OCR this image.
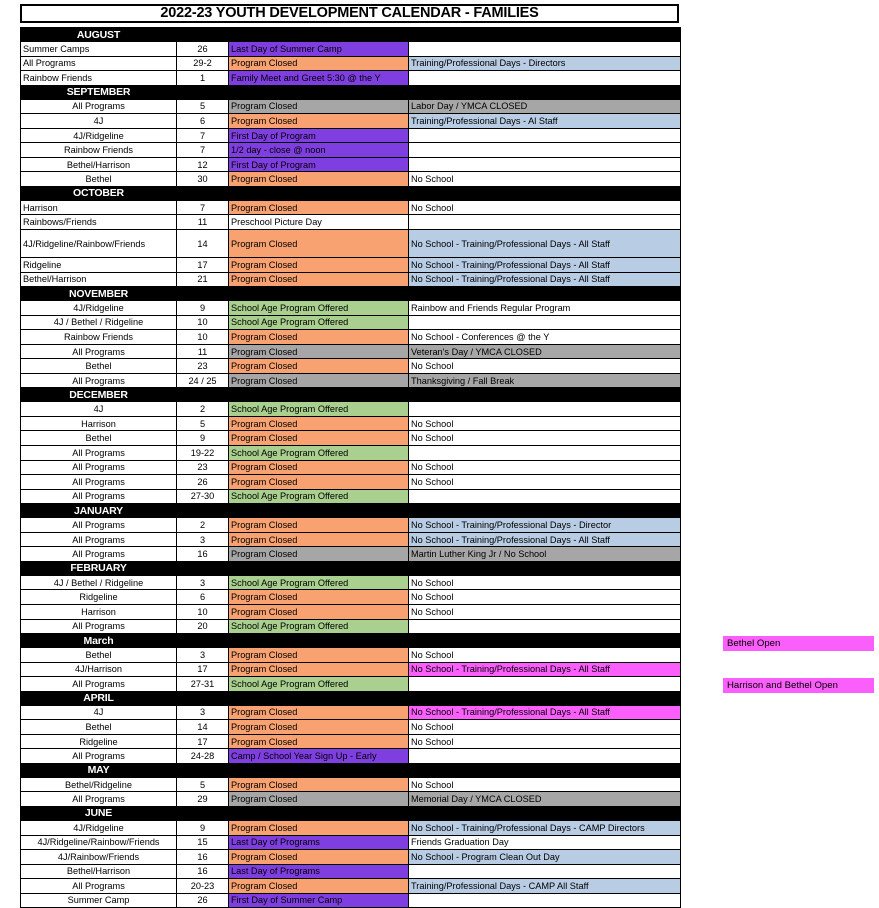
2022-23 YOUTH DEVELOPMENT CALENDAR - FAMILIES
AUGUST			
Summer Camps	26	Last Day of Summer Camp	
All Programs	29-2	Program Closed	Training/Professional Days - Directors
Rainbow Friends	1	Family Meet and Greet 5:30 @ the Y	
SEPTEMBER			
All Programs	5	Program Closed	Labor Day / YMCA CLOSED
4J	6	Program Closed	Training/Professional Days - Al Staff
4J/Ridgeline	7	First Day of Program	
Rainbow Friends	7	1/2 day - close @ noon	
Bethel/Harrison	12	First Day of Program	
Bethel	30	Program Closed	No School
OCTOBER			
Harrison	7	Program Closed	No School
Rainbows/Friends	11	Preschool Picture Day	
4J/Ridgeline/Rainbow/Friends	14	Program Closed	No School - Training/Professional Days - All Staff
Ridgeline	17	Program Closed	No School - Training/Professional Days - All Staff
Bethel/Harrison	21	Program Closed	No School - Training/Professional Days - All Staff
NOVEMBER			
4J/Ridgeline	9	School Age Program Offered	Rainbow and Friends Regular Program
4J / Bethel / Ridgeline	10	School Age Program Offered	
Rainbow Friends	10	Program Closed	No School - Conferences @ the Y
All Programs	11	Program Closed	Veteran's Day / YMCA CLOSED
Bethel	23	Program Closed	No School
All Programs	24 / 25	Program Closed	Thanksgiving / Fall Break
DECEMBER			
4J	2	School Age Program Offered	
Harrison	5	Program Closed	No School
Bethel	9	Program Closed	No School
All Programs	19-22	School Age Program Offered	
All Programs	23	Program Closed	No School
All Programs	26	Program Closed	No School
All Programs	27-30	School Age Program Offered	
JANUARY			
All Programs	2	Program Closed	No School - Training/Professional Days - Director
All Programs	3	Program Closed	No School - Training/Professional Days - All Staff
All Programs	16	Program Closed	Martin Luther King Jr / No School
FEBRUARY			
4J / Bethel / Ridgeline	3	School Age Program Offered	No School
Ridgeline	6	Program Closed	No School
Harrison	10	Program Closed	No School
All Programs	20	School Age Program Offered	
March			
Bethel	3	Program Closed	No School
4J/Harrison	17	Program Closed	No School - Training/Professional Days - All Staff
All Programs	27-31	School Age Program Offered	
APRIL			
4J	3	Program Closed	No School - Training/Professional Days - All Staff
Bethel	14	Program Closed	No School
Ridgeline	17	Program Closed	No School
All Programs	24-28	Camp / School Year Sign Up - Early	
MAY			
Bethel/Ridgeline	5	Program Closed	No School
All Programs	29	Program Closed	Memorial Day / YMCA CLOSED
JUNE			
4J/Ridgeline	9	Program Closed	No School - Training/Professional Days - CAMP Directors
4J/Ridgeline/Rainbow/Friends	15	Last Day of Programs	Friends Graduation Day
4J/Rainbow/Friends	16	Program Closed	No School - Program Clean Out Day
Bethel/Harrison	16	Last Day of Programs	
All Programs	20-23	Program Closed	Training/Professional Days - CAMP All Staff
Summer Camp	26	First Day of Summer Camp	
Bethel Open
Harrison and Bethel Open
